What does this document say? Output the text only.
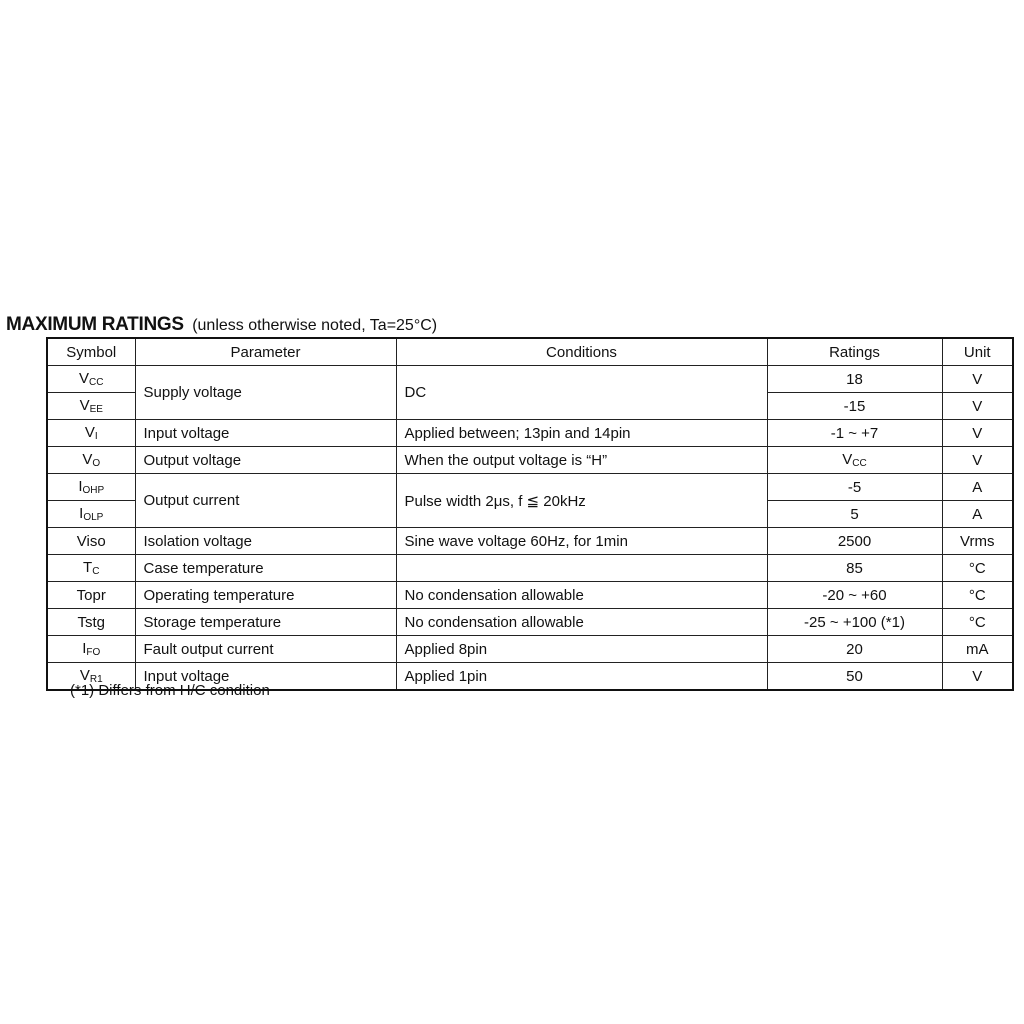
MAXIMUM RATINGS (unless otherwise noted, Ta=25°C)
Symbol	Parameter	Conditions	Ratings	Unit
VCC	Supply voltage	DC	18	V
VEE			-15	V
VI	Input voltage	Applied between; 13pin and 14pin	-1 ~ +7	V
VO	Output voltage	When the output voltage is “H”	VCC	V
IOHP	Output current	Pulse width 2μs, f ≦ 20kHz	-5	A
IOLP			5	A
Viso	Isolation voltage	Sine wave voltage 60Hz, for 1min	2500	Vrms
TC	Case temperature		85	°C
Topr	Operating temperature	No condensation allowable	-20 ~ +60	°C
Tstg	Storage temperature	No condensation allowable	-25 ~ +100 (*1)	°C
IFO	Fault output current	Applied 8pin	20	mA
VR1	Input voltage	Applied 1pin	50	V
(*1) Differs from H/C condition
